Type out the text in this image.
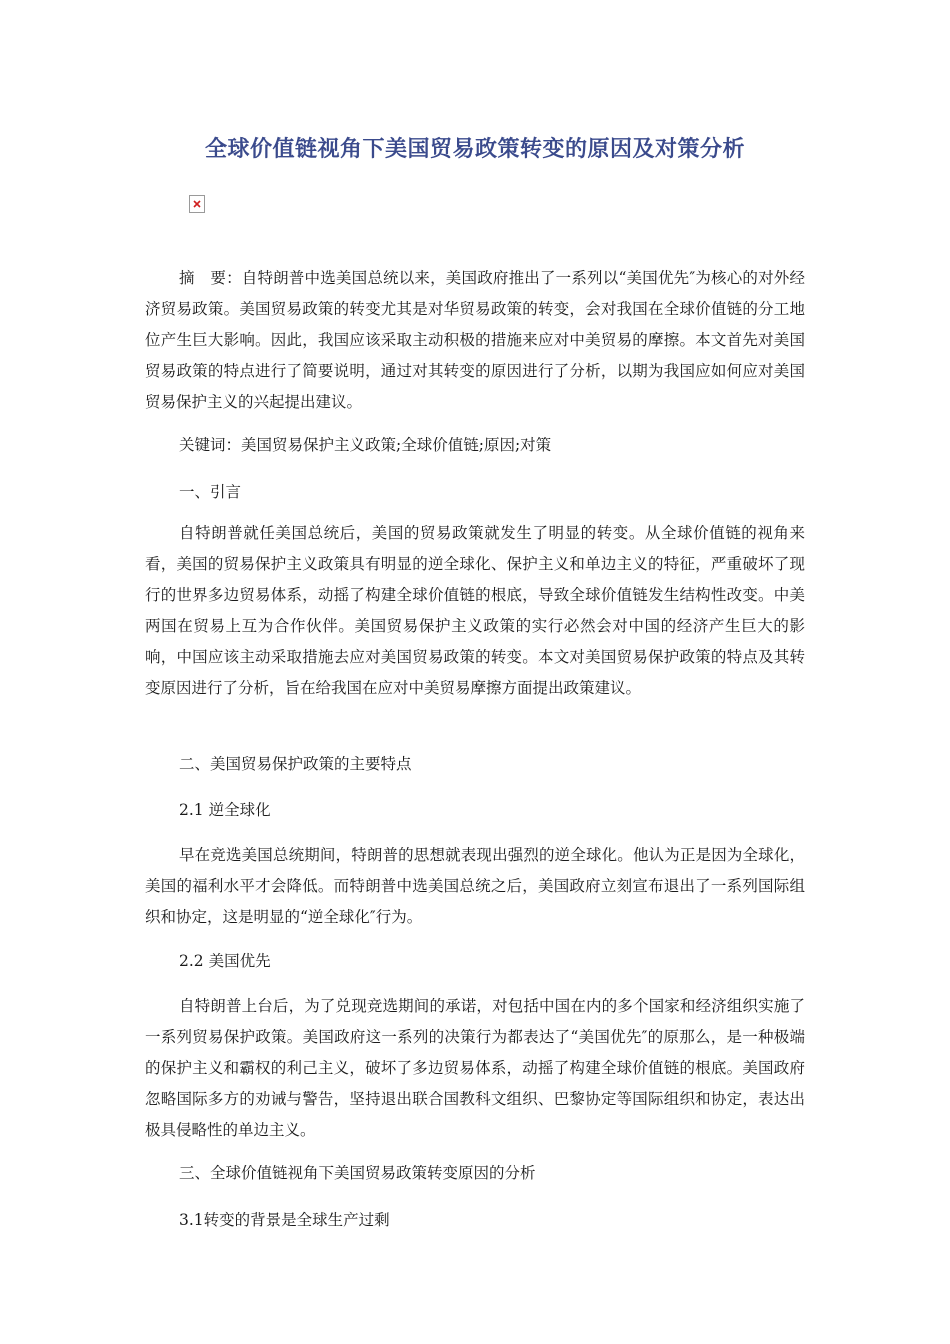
全球价值链视角下美国贸易政策转变的原因及对策分析

摘　要：自特朗普中选美国总统以来，美国政府推出了一系列以“美国优先″为核心的对外经济贸易政策。美国贸易政策的转变尤其是对华贸易政策的转变，会对我国在全球价值链的分工地位产生巨大影响。因此，我国应该采取主动积极的措施来应对中美贸易的摩擦。本文首先对美国贸易政策的特点进行了简要说明，通过对其转变的原因进行了分析，以期为我国应如何应对美国贸易保护主义的兴起提出建议。

关键词：美国贸易保护主义政策;全球价值链;原因;对策

一、引言

自特朗普就任美国总统后，美国的贸易政策就发生了明显的转变。从全球价值链的视角来看，美国的贸易保护主义政策具有明显的逆全球化、保护主义和单边主义的特征，严重破坏了现行的世界多边贸易体系，动摇了构建全球价值链的根底，导致全球价值链发生结构性改变。中美两国在贸易上互为合作伙伴。美国贸易保护主义政策的实行必然会对中国的经济产生巨大的影响，中国应该主动采取措施去应对美国贸易政策的转变。本文对美国贸易保护政策的特点及其转变原因进行了分析，旨在给我国在应对中美贸易摩擦方面提出政策建议。

二、美国贸易保护政策的主要特点

2.1 逆全球化

早在竞选美国总统期间，特朗普的思想就表现出强烈的逆全球化。他认为正是因为全球化，美国的福利水平才会降低。而特朗普中选美国总统之后，美国政府立刻宣布退出了一系列国际组织和协定，这是明显的“逆全球化″行为。

2.2 美国优先

自特朗普上台后，为了兑现竞选期间的承诺，对包括中国在内的多个国家和经济组织实施了一系列贸易保护政策。美国政府这一系列的决策行为都表达了“美国优先″的原那么，是一种极端的保护主义和霸权的利己主义，破坏了多边贸易体系，动摇了构建全球价值链的根底。美国政府忽略国际多方的劝诫与警告，坚持退出联合国教科文组织、巴黎协定等国际组织和协定，表达出极具侵略性的单边主义。

三、全球价值链视角下美国贸易政策转变原因的分析

3.1转变的背景是全球生产过剩
